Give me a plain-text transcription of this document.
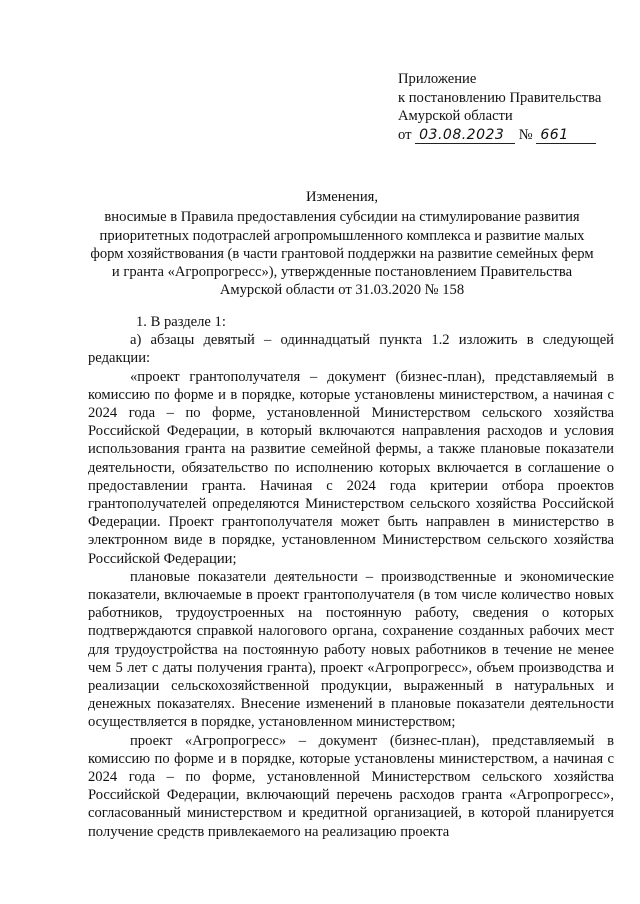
Приложение
к постановлению Правительства
Амурской области
от 03.08.2023 № 661
Изменения,
вносимые в Правила предоставления субсидии на стимулирование развития приоритетных подотраслей агропромышленного комплекса и развитие малых форм хозяйствования (в части грантовой поддержки на развитие семейных ферм и гранта «Агропрогресс»), утвержденные постановлением Правительства Амурской области от 31.03.2020 № 158

1. В разделе 1:

а) абзацы девятый – одиннадцатый пункта 1.2 изложить в следующей редакции:

«проект грантополучателя – документ (бизнес-план), представляемый в комиссию по форме и в порядке, которые установлены министерством, а начиная с 2024 года – по форме, установленной Министерством сельского хозяйства Российской Федерации, в который включаются направления расходов и условия использования гранта на развитие семейной фермы, а также плановые показатели деятельности, обязательство по исполнению которых включается в соглашение о предоставлении гранта. Начиная с 2024 года критерии отбора проектов грантополучателей определяются Министерством сельского хозяйства Российской Федерации. Проект грантополучателя может быть направлен в министерство в электронном виде в порядке, установленном Министерством сельского хозяйства Российской Федерации;

плановые показатели деятельности – производственные и экономические показатели, включаемые в проект грантополучателя (в том числе количество новых работников, трудоустроенных на постоянную работу, сведения о которых подтверждаются справкой налогового органа, сохранение созданных рабочих мест для трудоустройства на постоянную работу новых работников в течение не менее чем 5 лет с даты получения гранта), проект «Агропрогресс», объем производства и реализации сельскохозяйственной продукции, выраженный в натуральных и денежных показателях. Внесение изменений в плановые показатели деятельности осуществляется в порядке, установленном министерством;

проект «Агропрогресс» – документ (бизнес-план), представляемый в комиссию по форме и в порядке, которые установлены министерством, а начиная с 2024 года – по форме, установленной Министерством сельского хозяйства Российской Федерации, включающий перечень расходов гранта «Агропрогресс», согласованный министерством и кредитной организацией, в которой планируется получение средств привлекаемого на реализацию проекта
